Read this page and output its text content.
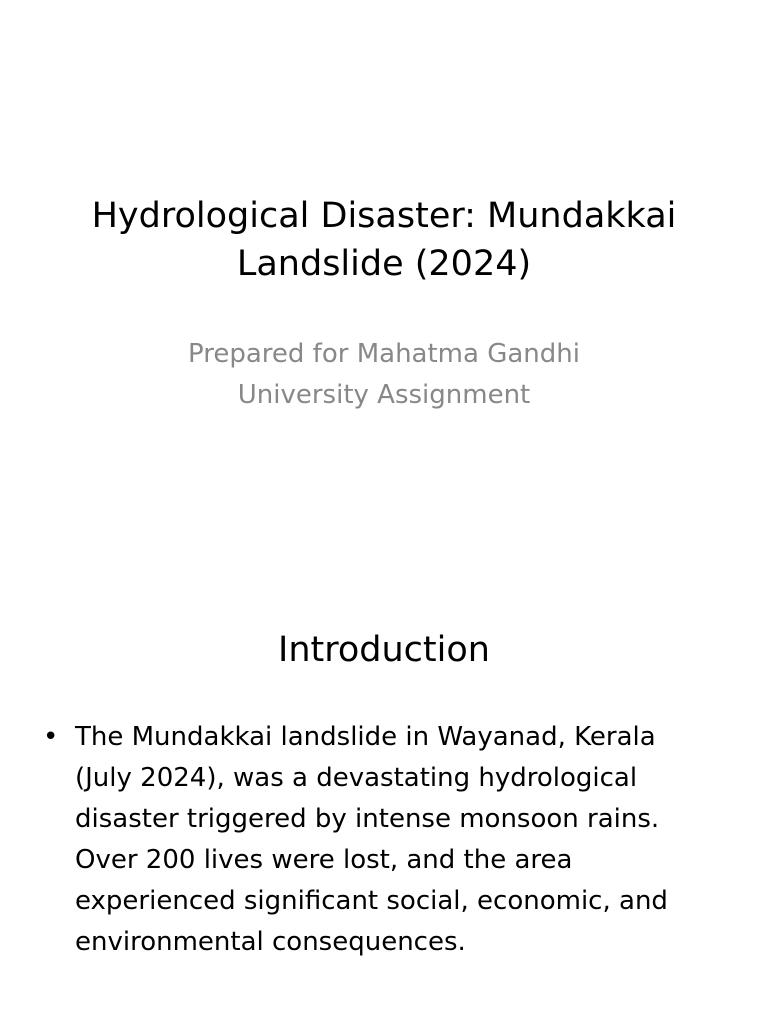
Hydrological Disaster: Mundakkai
Landslide (2024)

Prepared for Mahatma Gandhi
University Assignment

Introduction
• The Mundakkai landslide in Wayanad, Kerala
(July 2024), was a devastating hydrological
disaster triggered by intense monsoon rains.
Over 200 lives were lost, and the area
experienced significant social, economic, and
environmental consequences.
